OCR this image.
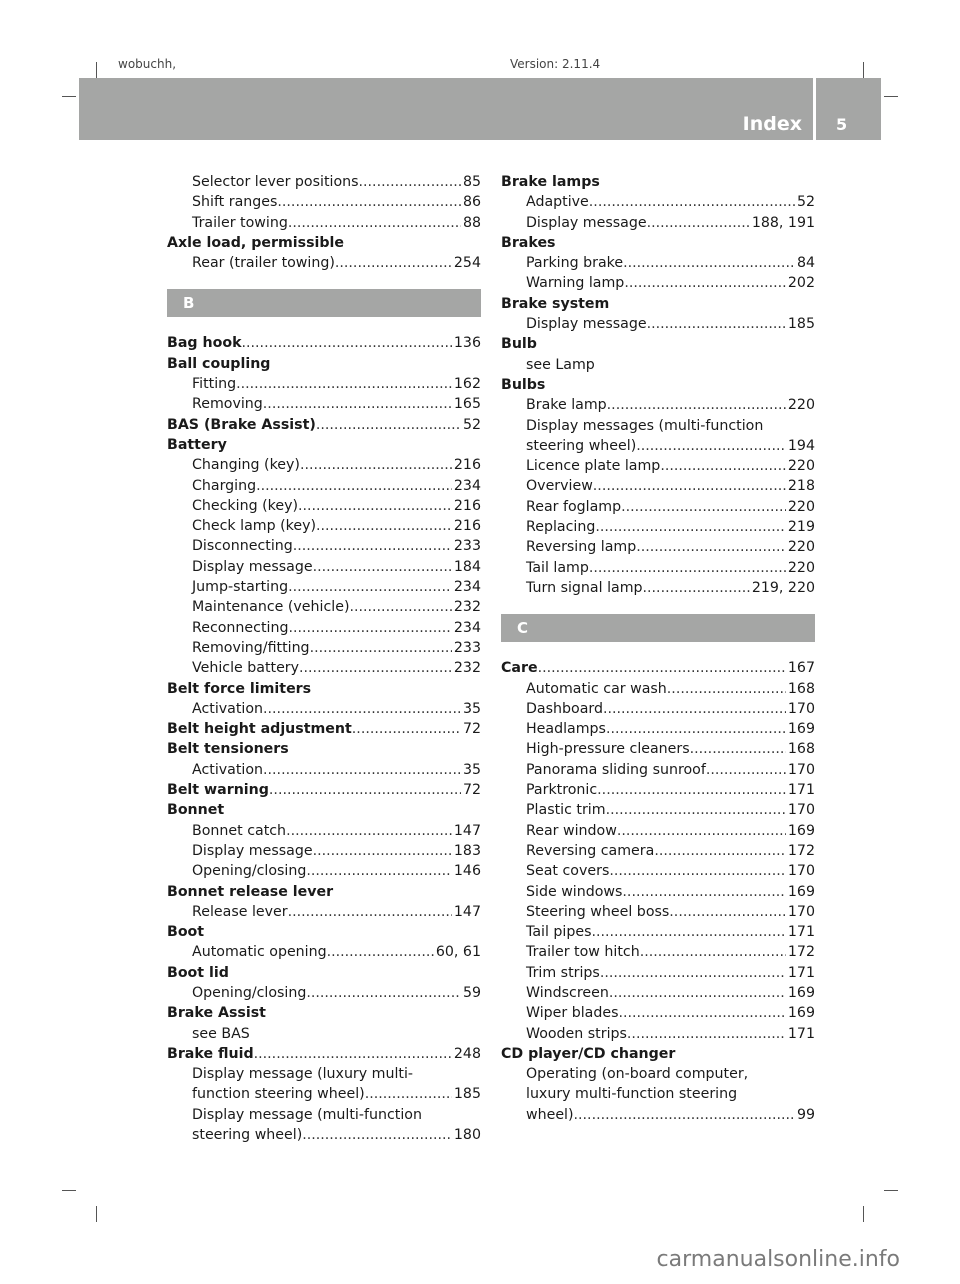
wobuchh,	Version: 2.11.4
Index 5
Selector lever positions .....	85
Shift ranges .....	86
Trailer towing .....	88
Axle load, permissible
Rear (trailer towing) .....	254
B
Bag hook .....	136
Ball coupling
Fitting .....	162
Removing .....	165
BAS (Brake Assist) .....	52
Battery
Changing (key) .....	216
Charging .....	234
Checking (key) .....	216
Check lamp (key) .....	216
Disconnecting .....	233
Display message .....	184
Jump-starting .....	234
Maintenance (vehicle) .....	232
Reconnecting .....	234
Removing/fitting .....	233
Vehicle battery .....	232
Belt force limiters
Activation .....	35
Belt height adjustment .....	72
Belt tensioners
Activation .....	35
Belt warning .....	72
Bonnet
Bonnet catch .....	147
Display message .....	183
Opening/closing .....	146
Bonnet release lever
Release lever .....	147
Boot
Automatic opening .....	60, 61
Boot lid
Opening/closing .....	59
Brake Assist
see BAS
Brake fluid .....	248
Display message (luxury multi-
function steering wheel) .....	185
Display message (multi-function
steering wheel) .....	180
Brake lamps
Adaptive .....	52
Display message .....	188, 191
Brakes
Parking brake .....	84
Warning lamp .....	202
Brake system
Display message .....	185
Bulb
see Lamp
Bulbs
Brake lamp .....	220
Display messages (multi-function
steering wheel) .....	194
Licence plate lamp .....	220
Overview .....	218
Rear foglamp .....	220
Replacing .....	219
Reversing lamp .....	220
Tail lamp .....	220
Turn signal lamp .....	219, 220
C
Care .....	167
Automatic car wash .....	168
Dashboard .....	170
Headlamps .....	169
High-pressure cleaners .....	168
Panorama sliding sunroof .....	170
Parktronic .....	171
Plastic trim .....	170
Rear window .....	169
Reversing camera .....	172
Seat covers .....	170
Side windows .....	169
Steering wheel boss .....	170
Tail pipes .....	171
Trailer tow hitch .....	172
Trim strips .....	171
Windscreen .....	169
Wiper blades .....	169
Wooden strips .....	171
CD player/CD changer
Operating (on-board computer,
luxury multi-function steering
wheel) .....	99
carmanualsonline.info
